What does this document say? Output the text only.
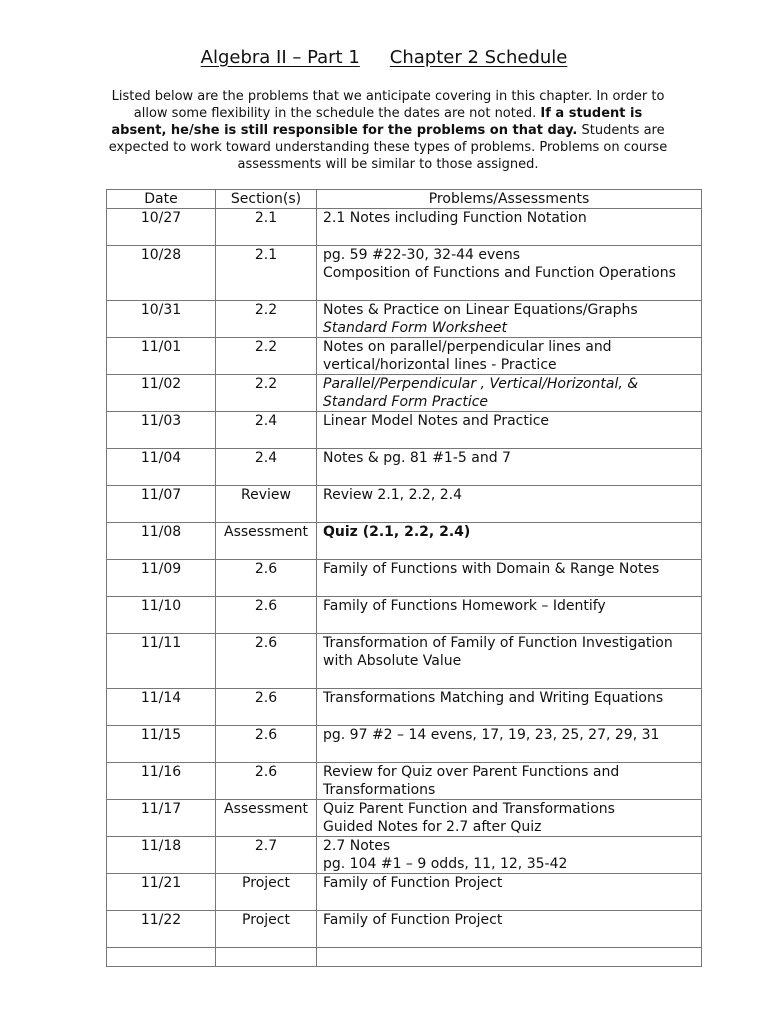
Algebra II – Part 1 Chapter 2 Schedule
Listed below are the problems that we anticipate covering in this chapter. In order to allow some flexibility in the schedule the dates are not noted. If a student is absent, he/she is still responsible for the problems on that day. Students are expected to work toward understanding these types of problems. Problems on course assessments will be similar to those assigned.
Date	Section(s)	Problems/Assessments
10/27	2.1	2.1 Notes including Function Notation

10/28	2.1	pg. 59 #22-30, 32-44 evens
Composition of Functions and Function Operations

10/31	2.2	Notes & Practice on Linear Equations/Graphs
Standard Form Worksheet

11/01	2.2	Notes on parallel/perpendicular lines and vertical/horizontal lines - Practice

11/02	2.2	Parallel/Perpendicular , Vertical/Horizontal, & Standard Form Practice

11/03	2.4	Linear Model Notes and Practice

11/04	2.4	Notes & pg. 81 #1-5 and 7

11/07	Review	Review 2.1, 2.2, 2.4

11/08	Assessment	Quiz (2.1, 2.2, 2.4)

11/09	2.6	Family of Functions with Domain & Range Notes

11/10	2.6	Family of Functions Homework – Identify

11/11	2.6	Transformation of Family of Function Investigation
with Absolute Value

11/14	2.6	Transformations Matching and Writing Equations

11/15	2.6	pg. 97 #2 – 14 evens, 17, 19, 23, 25, 27, 29, 31

11/16	2.6	Review for Quiz over Parent Functions and Transformations

11/17	Assessment	Quiz Parent Function and Transformations
Guided Notes for 2.7 after Quiz

11/18	2.7	2.7 Notes
pg. 104 #1 – 9 odds, 11, 12, 35-42

11/21	Project	Family of Function Project

11/22	Project	Family of Function Project
